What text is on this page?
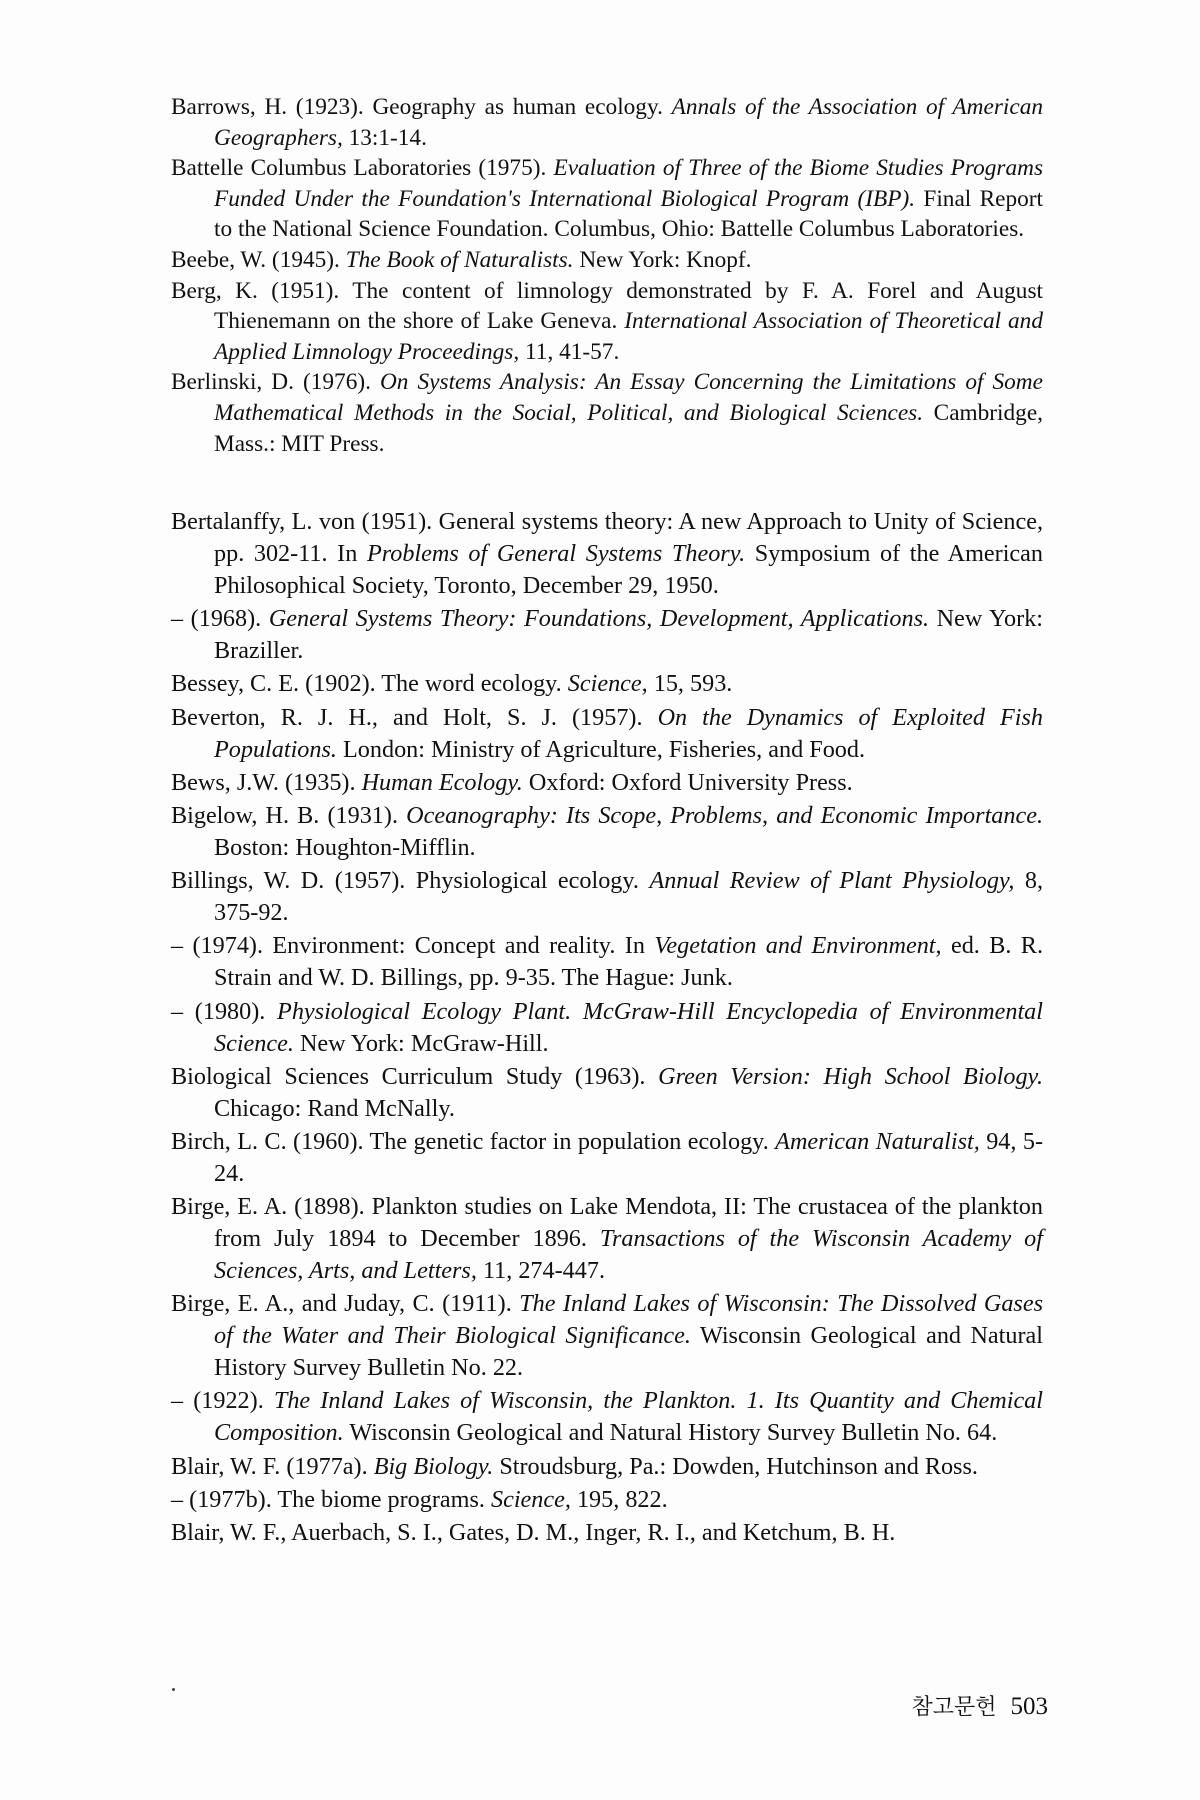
Barrows, H. (1923). Geography as human ecology. Annals of the Association of American Geographers, 13:1-14.
Battelle Columbus Laboratories (1975). Evaluation of Three of the Biome Studies Programs Funded Under the Foundation's International Biological Program (IBP). Final Report to the National Science Foundation. Columbus, Ohio: Battelle Columbus Laboratories.
Beebe, W. (1945). The Book of Naturalists. New York: Knopf.
Berg, K. (1951). The content of limnology demonstrated by F. A. Forel and August Thienemann on the shore of Lake Geneva. International Association of Theoretical and Applied Limnology Proceedings, 11, 41-57.
Berlinski, D. (1976). On Systems Analysis: An Essay Concerning the Limitations of Some Mathematical Methods in the Social, Political, and Biological Sciences. Cambridge, Mass.: MIT Press.
Bertalanffy, L. von (1951). General systems theory: A new Approach to Unity of Science, pp. 302-11. In Problems of General Systems Theory. Symposium of the American Philosophical Society, Toronto, December 29, 1950.
– (1968). General Systems Theory: Foundations, Development, Applications. New York: Braziller.
Bessey, C. E. (1902). The word ecology. Science, 15, 593.
Beverton, R. J. H., and Holt, S. J. (1957). On the Dynamics of Exploited Fish Populations. London: Ministry of Agriculture, Fisheries, and Food.
Bews, J.W. (1935). Human Ecology. Oxford: Oxford University Press.
Bigelow, H. B. (1931). Oceanography: Its Scope, Problems, and Economic Importance. Boston: Houghton-Mifflin.
Billings, W. D. (1957). Physiological ecology. Annual Review of Plant Physiology, 8, 375-92.
– (1974). Environment: Concept and reality. In Vegetation and Environment, ed. B. R. Strain and W. D. Billings, pp. 9-35. The Hague: Junk.
– (1980). Physiological Ecology Plant. McGraw-Hill Encyclopedia of Environmental Science. New York: McGraw-Hill.
Biological Sciences Curriculum Study (1963). Green Version: High School Biology. Chicago: Rand McNally.
Birch, L. C. (1960). The genetic factor in population ecology. American Naturalist, 94, 5-24.
Birge, E. A. (1898). Plankton studies on Lake Mendota, II: The crustacea of the plankton from July 1894 to December 1896. Transactions of the Wisconsin Academy of Sciences, Arts, and Letters, 11, 274-447.
Birge, E. A., and Juday, C. (1911). The Inland Lakes of Wisconsin: The Dissolved Gases of the Water and Their Biological Significance. Wisconsin Geological and Natural History Survey Bulletin No. 22.
– (1922). The Inland Lakes of Wisconsin, the Plankton. 1. Its Quantity and Chemical Composition. Wisconsin Geological and Natural History Survey Bulletin No. 64.
Blair, W. F. (1977a). Big Biology. Stroudsburg, Pa.: Dowden, Hutchinson and Ross.
– (1977b). The biome programs. Science, 195, 822.
Blair, W. F., Auerbach, S. I., Gates, D. M., Inger, R. I., and Ketchum, B. H.
참고문헌 503
